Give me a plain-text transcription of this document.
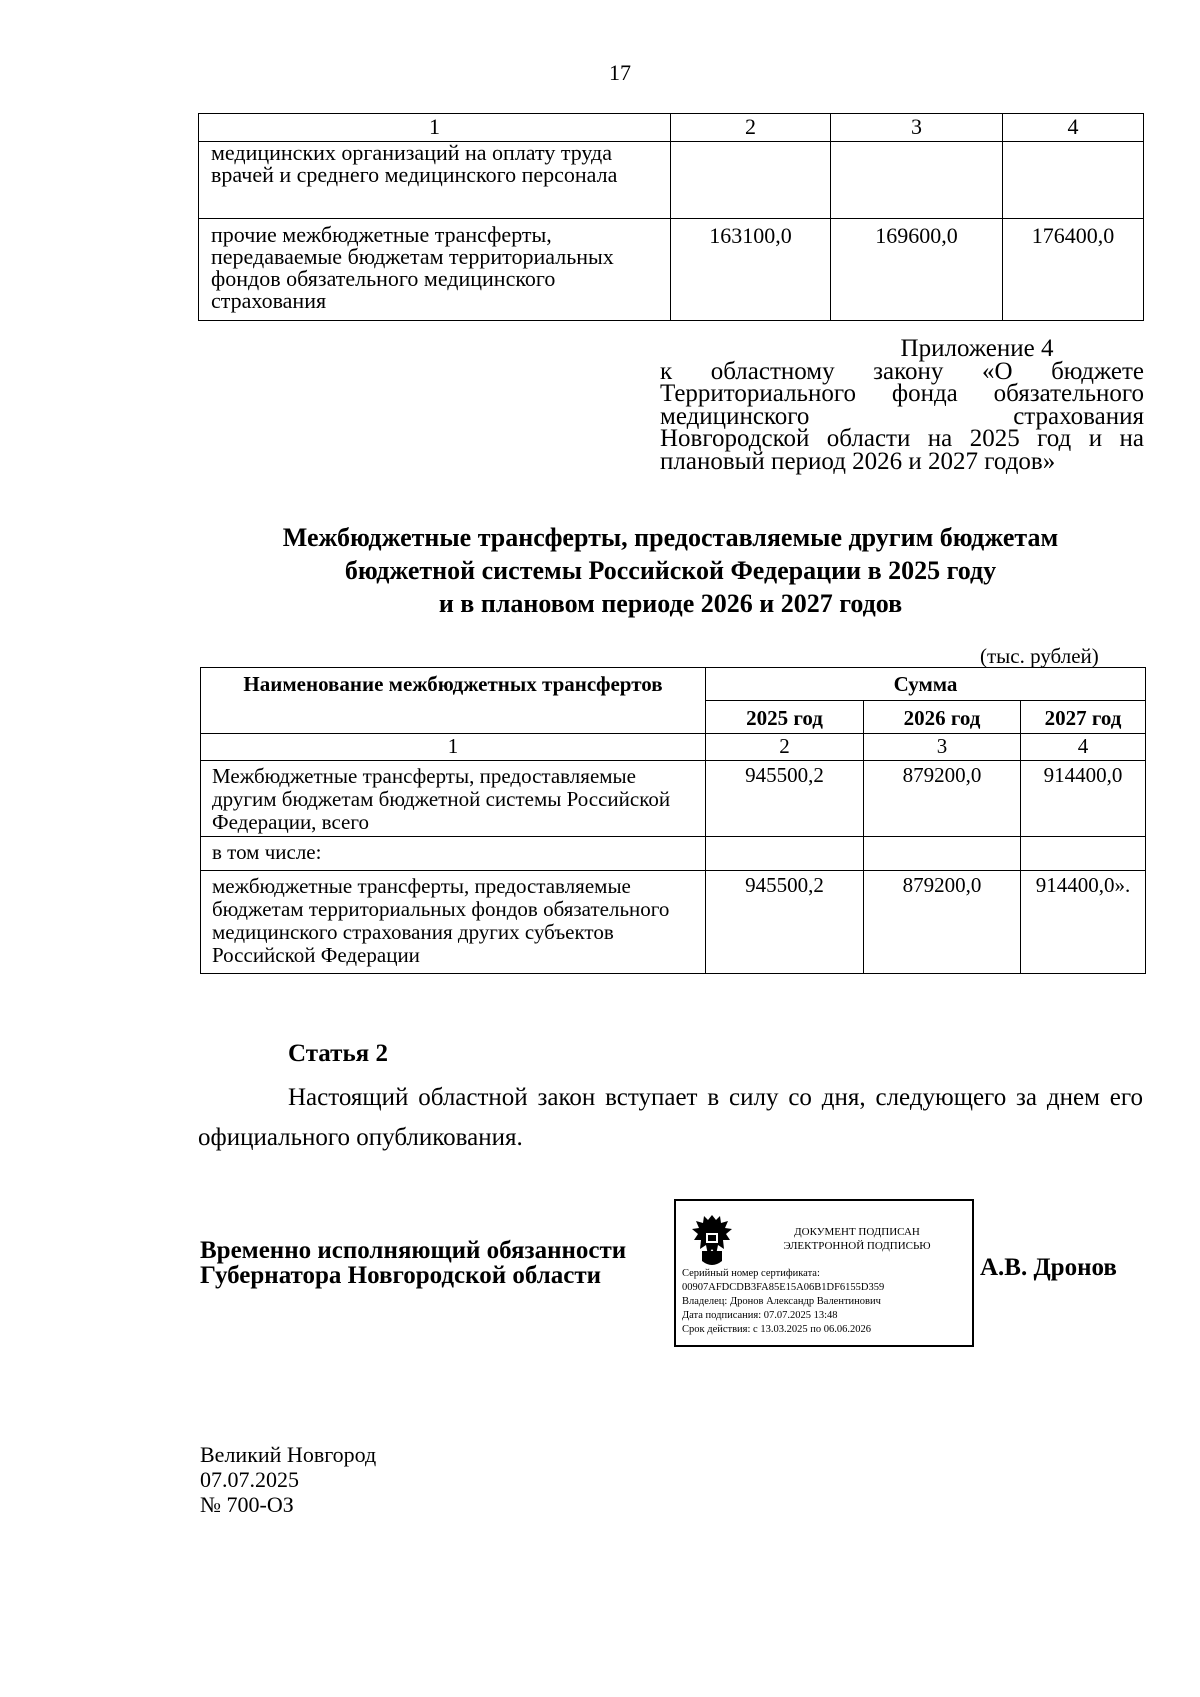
17
1	2	3	4
медицинских организаций на оплату труда врачей и среднего медицинского персонала			
прочие межбюджетные трансферты, передаваемые бюджетам территориальных фондов обязательного медицинского страхования	163100,0	169600,0	176400,0
Приложение 4
к областному закону «О бюджете
Территориального фонда обязательного
медицинского страхования
Новгородской области на 2025 год и на
плановый период 2026 и 2027 годов»
Межбюджетные трансферты, предоставляемые другим бюджетам
бюджетной системы Российской Федерации в 2025 году
и в плановом периоде 2026 и 2027 годов
(тыс. рублей)
Наименование межбюджетных трансфертов	Сумма		
	2025 год	2026 год	2027 год
1	2	3	4
Межбюджетные трансферты, предоставляемые другим бюджетам бюджетной системы Российской Федерации, всего	945500,2	879200,0	914400,0
в том числе:			
межбюджетные трансферты, предоставляемые бюджетам территориальных фондов обязательного медицинского страхования других субъектов Российской Федерации	945500,2	879200,0	914400,0».
Статья 2
Настоящий областной закон вступает в силу со дня, следующего за днем его официального опубликования.
Временно исполняющий обязанности
Губернатора Новгородской области
ДОКУМЕНТ ПОДПИСАН
ЭЛЕКТРОННОЙ ПОДПИСЬЮ
Серийный номер сертификата:
00907AFDCDB3FA85E15A06B1DF6155D359
Владелец: Дронов Александр Валентинович
Дата подписания: 07.07.2025 13:48
Срок действия: с 13.03.2025 по 06.06.2026
А.В. Дронов
Великий Новгород
07.07.2025
№ 700-ОЗ
